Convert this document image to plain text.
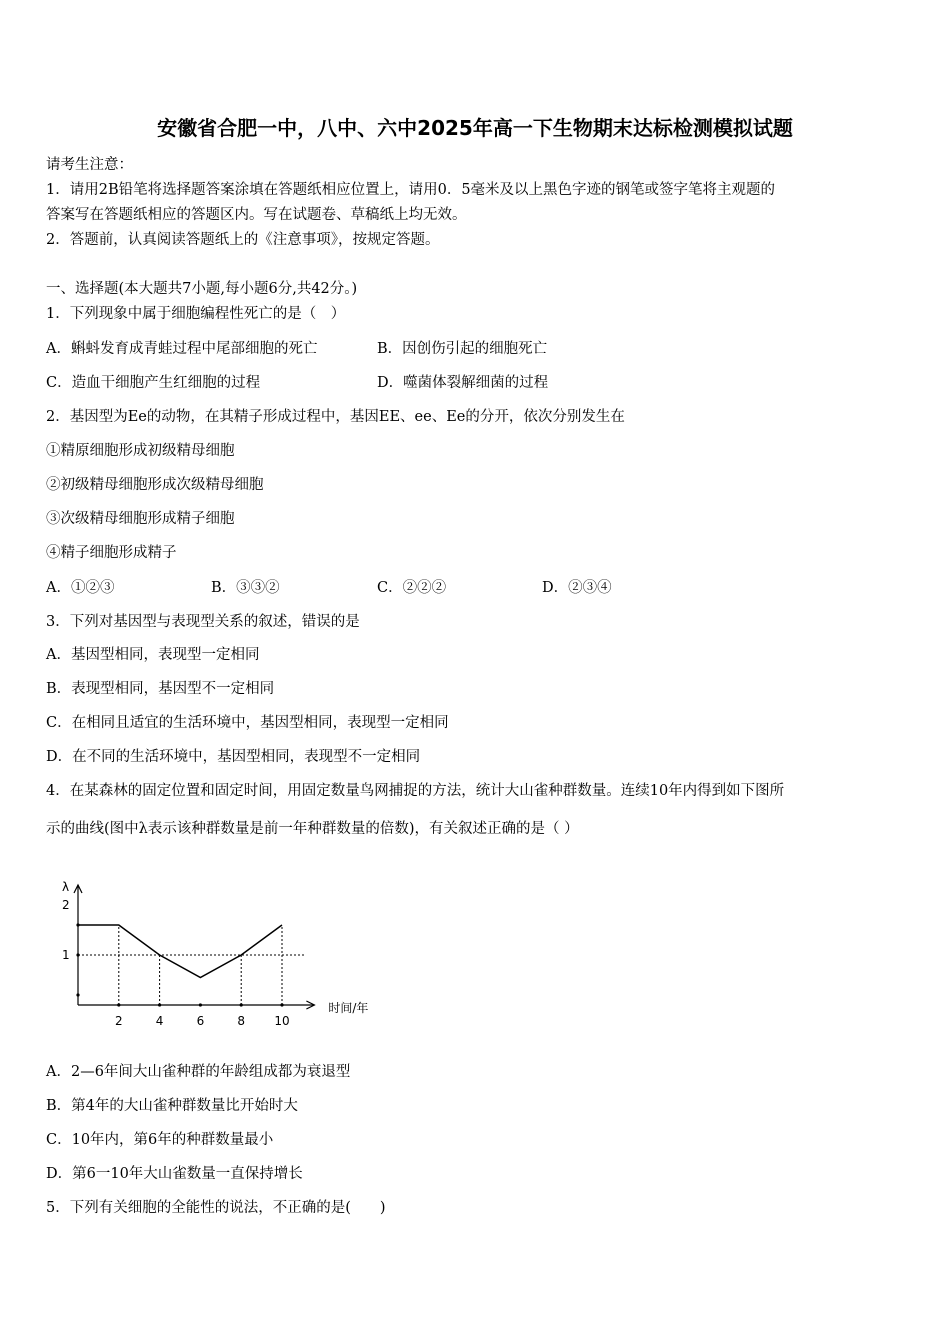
安徽省合肥一中，八中、六中2025年高一下生物期末达标检测模拟试题
请考生注意：
1．请用2B铅笔将选择题答案涂填在答题纸相应位置上，请用0．5毫米及以上黑色字迹的钢笔或签字笔将主观题的
答案写在答题纸相应的答题区内。写在试题卷、草稿纸上均无效。
2．答题前，认真阅读答题纸上的《注意事项》，按规定答题。
一、选择题(本大题共7小题,每小题6分,共42分。)
1．下列现象中属于细胞编程性死亡的是（　）
A．蝌蚪发育成青蛙过程中尾部细胞的死亡	B．因创伤引起的细胞死亡
C．造血干细胞产生红细胞的过程	D．噬菌体裂解细菌的过程
2．基因型为Ee的动物，在其精子形成过程中，基因EE、ee、Ee的分开，依次分别发生在
①精原细胞形成初级精母细胞
②初级精母细胞形成次级精母细胞
③次级精母细胞形成精子细胞
④精子细胞形成精子
A．①②③	B．③③②	C．②②②	D．②③④
3．下列对基因型与表现型关系的叙述，错误的是
A．基因型相同，表现型一定相同
B．表现型相同，基因型不一定相同
C．在相同且适宜的生活环境中，基因型相同，表现型一定相同
D．在不同的生活环境中，基因型相同，表现型不一定相同
4．在某森林的固定位置和固定时间，用固定数量鸟网捕捉的方法，统计大山雀种群数量。连续10年内得到如下图所
示的曲线(图中λ表示该种群数量是前一年种群数量的倍数)，有关叙述正确的是（ ）
λ
时间/年
2
1
2	4	6	8 10
A．2—6年间大山雀种群的年龄组成都为衰退型
B．第4年的大山雀种群数量比开始时大
C．10年内，第6年的种群数量最小
D．第6一10年大山雀数量一直保持增长
5．下列有关细胞的全能性的说法，不正确的是(　　)
